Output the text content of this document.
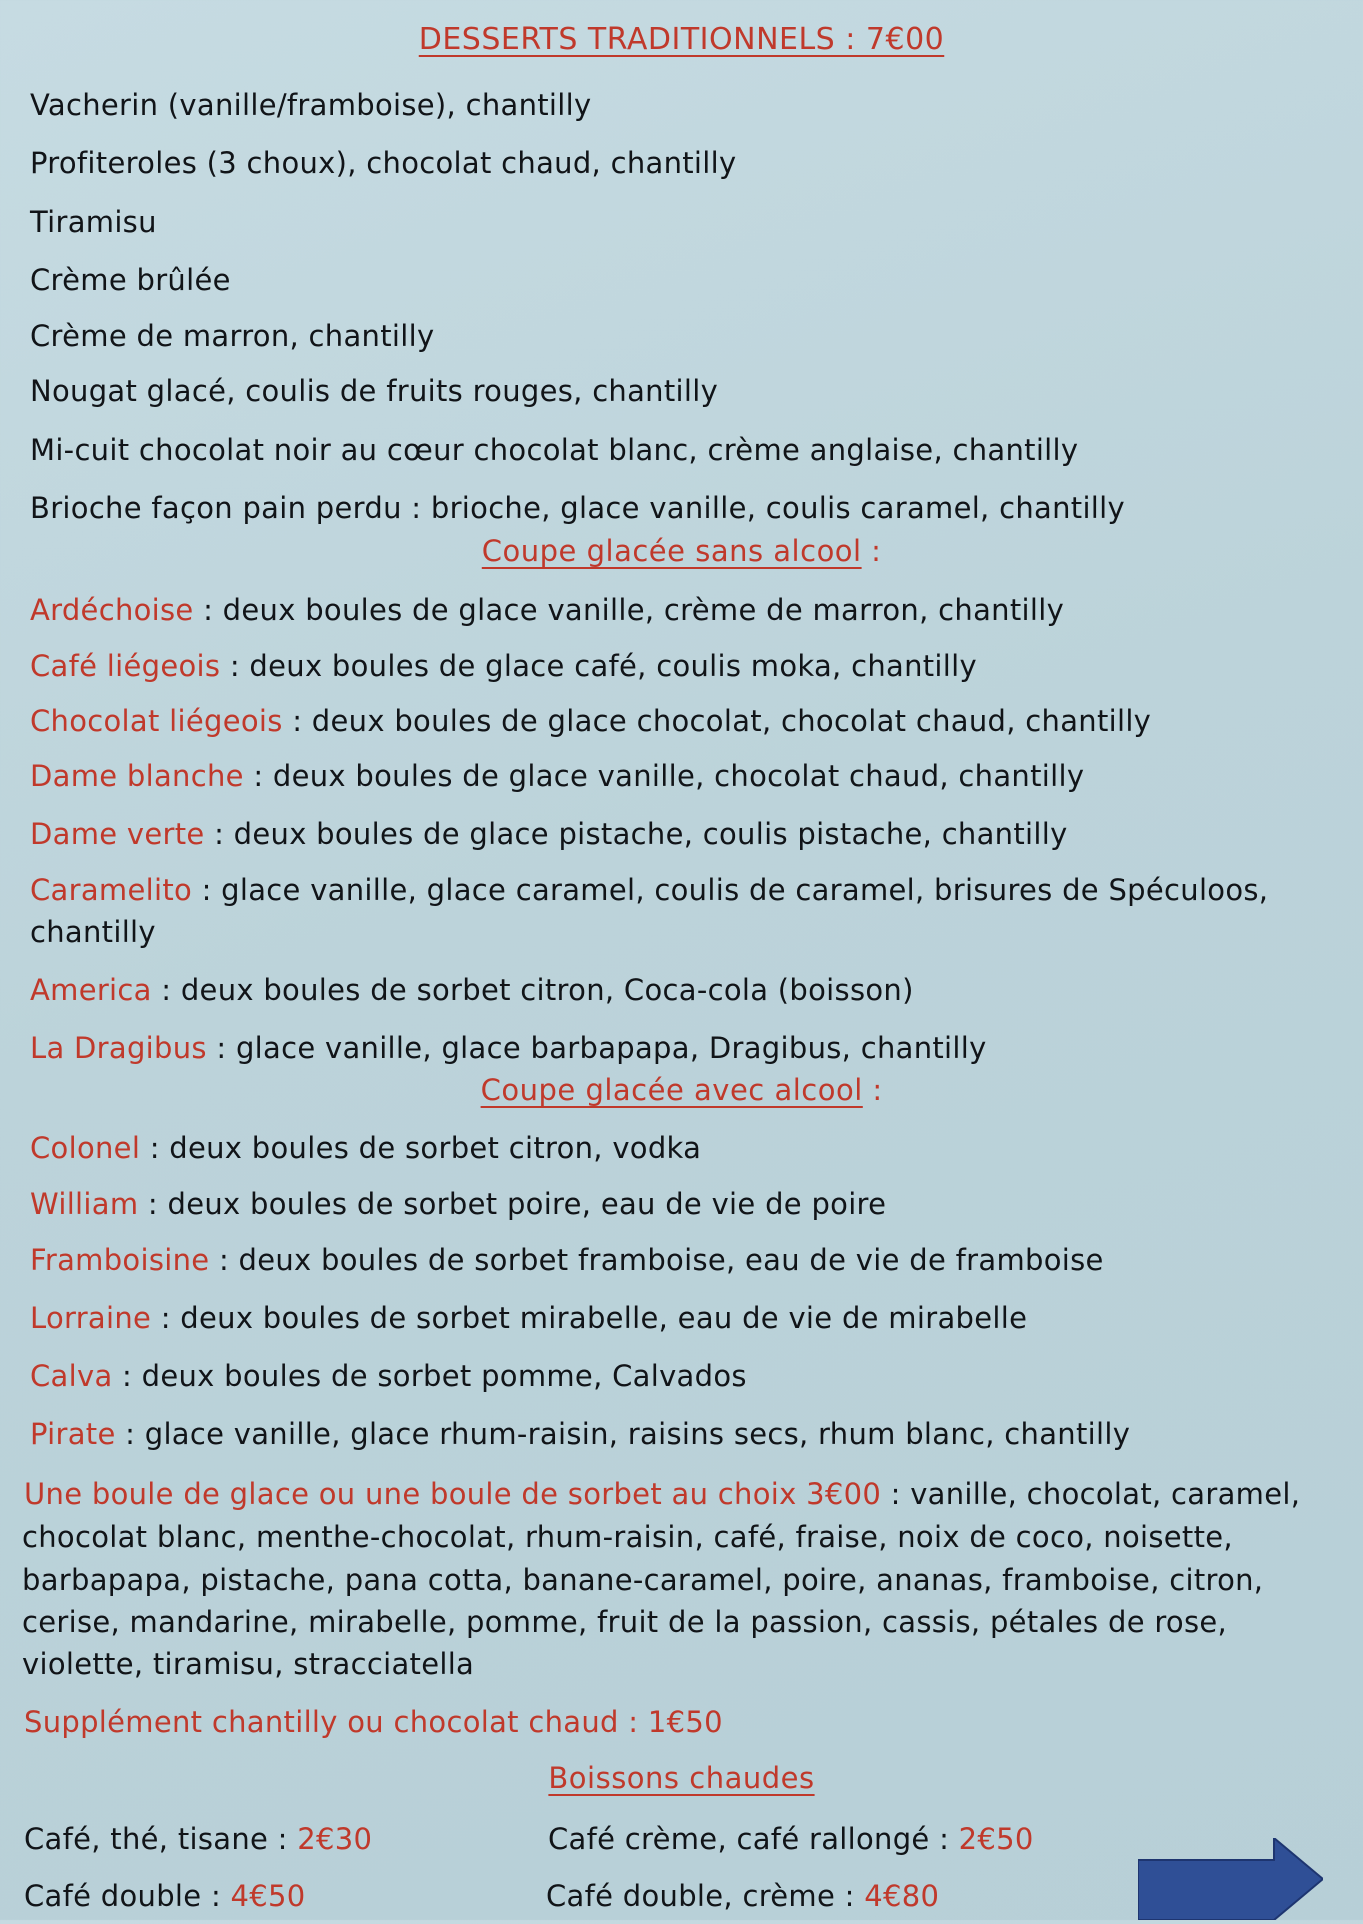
DESSERTS TRADITIONNELS : 7€00
Vacherin (vanille/framboise), chantilly
Profiteroles (3 choux), chocolat chaud, chantilly
Tiramisu
Crème brûlée
Crème de marron, chantilly
Nougat glacé, coulis de fruits rouges, chantilly
Mi-cuit chocolat noir au cœur chocolat blanc, crème anglaise, chantilly
Brioche façon pain perdu : brioche, glace vanille, coulis caramel, chantilly
Coupe glacée sans alcool :
Ardéchoise : deux boules de glace vanille, crème de marron, chantilly
Café liégeois : deux boules de glace café, coulis moka, chantilly
Chocolat liégeois : deux boules de glace chocolat, chocolat chaud, chantilly
Dame blanche : deux boules de glace vanille, chocolat chaud, chantilly
Dame verte : deux boules de glace pistache, coulis pistache, chantilly
Caramelito : glace vanille, glace caramel, coulis de caramel, brisures de Spéculoos,
chantilly
America : deux boules de sorbet citron, Coca-cola (boisson)
La Dragibus : glace vanille, glace barbapapa, Dragibus, chantilly
Coupe glacée avec alcool :
Colonel : deux boules de sorbet citron, vodka
William : deux boules de sorbet poire, eau de vie de poire
Framboisine : deux boules de sorbet framboise, eau de vie de framboise
Lorraine : deux boules de sorbet mirabelle, eau de vie de mirabelle
Calva : deux boules de sorbet pomme, Calvados
Pirate : glace vanille, glace rhum-raisin, raisins secs, rhum blanc, chantilly
Une boule de glace ou une boule de sorbet au choix 3€00 : vanille, chocolat, caramel,
chocolat blanc, menthe-chocolat, rhum-raisin, café, fraise, noix de coco, noisette,
barbapapa, pistache, pana cotta, banane-caramel, poire, ananas, framboise, citron,
cerise, mandarine, mirabelle, pomme, fruit de la passion, cassis, pétales de rose,
violette, tiramisu, stracciatella
Supplément chantilly ou chocolat chaud : 1€50
Boissons chaudes
Café, thé, tisane : 2€30	Café crème, café rallongé : 2€50
Café double : 4€50	Café double, crème : 4€80
